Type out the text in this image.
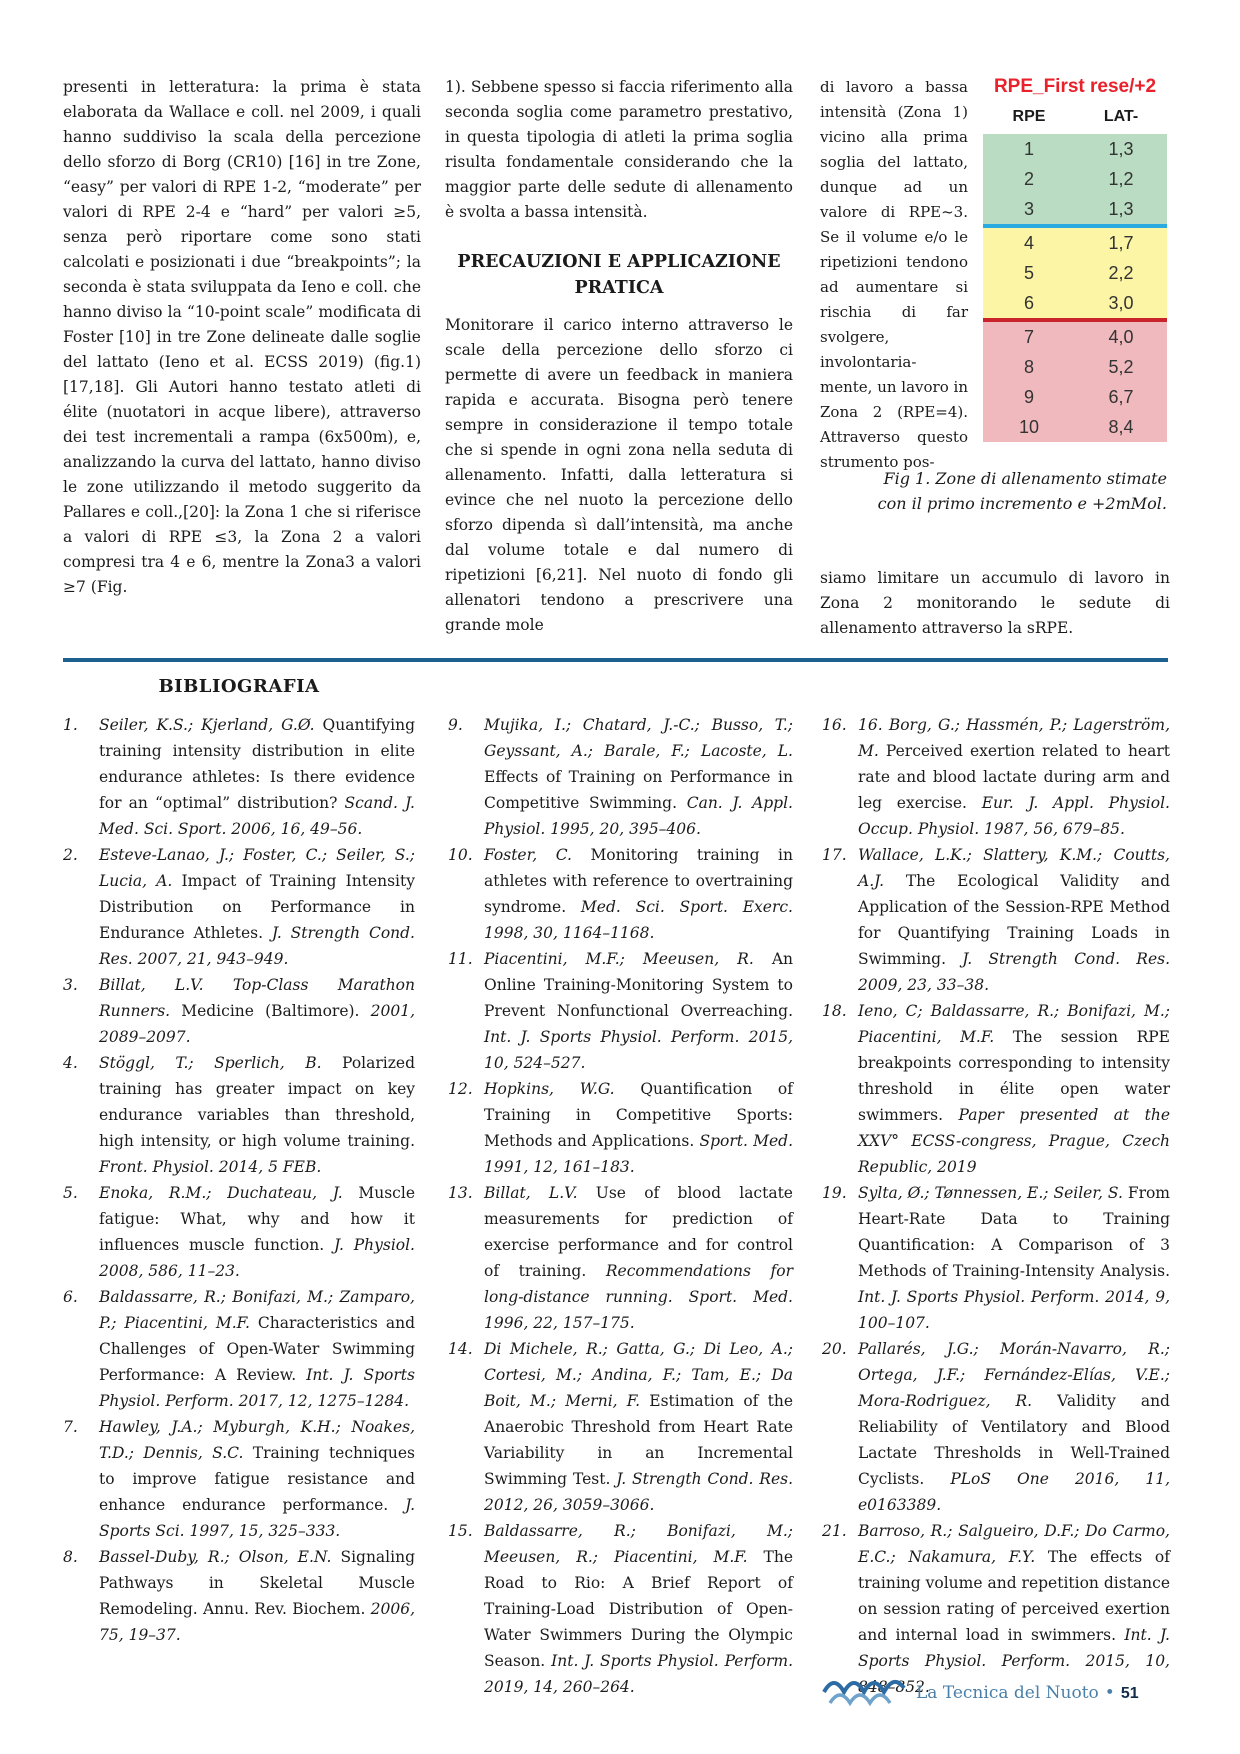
presenti in letteratura: la prima è stata elaborata da Wallace e coll. nel 2009, i quali hanno suddiviso la scala della percezione dello sforzo di Borg (CR10) [16] in tre Zone, “easy” per valori di RPE 1-2, “moderate” per valori di RPE 2-4 e “hard” per valori ≥5, senza però riportare come sono stati calcolati e posizionati i due “breakpoints”; la seconda è stata sviluppata da Ieno e coll. che hanno diviso la “10-point scale” modificata di Foster [10] in tre Zone delineate dalle soglie del lattato (Ieno et al. ECSS 2019) (fig.1) [17,18]. Gli Autori hanno testato atleti di élite (nuotatori in acque libere), attraverso dei test incrementali a rampa (6x500m), e, analizzando la curva del lattato, hanno diviso le zone utilizzando il metodo suggerito da Pallares e coll.,[20]: la Zona 1 che si riferisce a valori di RPE ≤3, la Zona 2 a valori compresi tra 4 e 6, mentre la Zona3 a valori ≥7 (Fig.

1). Sebbene spesso si faccia riferimento alla seconda soglia come parametro prestativo, in questa tipologia di atleti la prima soglia risulta fondamentale considerando che la maggior parte delle sedute di allenamento è svolta a bassa intensità.

PRECAUZIONI E APPLICAZIONE PRATICA

Monitorare il carico interno attraverso le scale della percezione dello sforzo ci permette di avere un feedback in maniera rapida e accurata. Bisogna però tenere sempre in considerazione il tempo totale che si spende in ogni zona nella seduta di allenamento. Infatti, dalla letteratura si evince che nel nuoto la percezione dello sforzo dipenda sì dall’intensità, ma anche dal volume totale e dal numero di ripetizioni [6,21]. Nel nuoto di fondo gli allenatori tendono a prescrivere una grande mole

di lavoro a bassa intensità (Zona 1) vicino alla prima soglia del lattato, dunque ad un valore di RPE~3. Se il volume e/o le ripetizioni tendono ad aumentare si rischia di far svolgere, involontaria-mente, un lavoro in Zona 2 (RPE=4). Attraverso questo strumento pos-

siamo limitare un accumulo di lavoro in Zona 2 monitorando le sedute di allenamento attraverso la sRPE.

RPE_First rese/+2
RPE	LAT-
1	1,3
2	1,2
3	1,3
4	1,7
5	2,2
6	3,0
7	4,0
8	5,2
9	6,7
10	8,4
Fig 1. Zone di allenamento stimate con il primo incremento e +2mMol.
BIBLIOGRAFIA
1. Seiler, K.S.; Kjerland, G.Ø. Quantifying training intensity distribution in elite endurance athletes: Is there evidence for an “optimal” distribution? Scand. J. Med. Sci. Sport. 2006, 16, 49–56.
2. Esteve-Lanao, J.; Foster, C.; Seiler, S.; Lucia, A. Impact of Training Intensity Distribution on Performance in Endurance Athletes. J. Strength Cond. Res. 2007, 21, 943–949.
3. Billat, L.V. Top-Class Marathon Runners. Medicine (Baltimore). 2001, 2089–2097.
4. Stöggl, T.; Sperlich, B. Polarized training has greater impact on key endurance variables than threshold, high intensity, or high volume training. Front. Physiol. 2014, 5 FEB.
5. Enoka, R.M.; Duchateau, J. Muscle fatigue: What, why and how it influences muscle function. J. Physiol. 2008, 586, 11–23.
6. Baldassarre, R.; Bonifazi, M.; Zamparo, P.; Piacentini, M.F. Characteristics and Challenges of Open-Water Swimming Performance: A Review. Int. J. Sports Physiol. Perform. 2017, 12, 1275–1284.
7. Hawley, J.A.; Myburgh, K.H.; Noakes, T.D.; Dennis, S.C. Training techniques to improve fatigue resistance and enhance endurance performance. J. Sports Sci. 1997, 15, 325–333.
8. Bassel-Duby, R.; Olson, E.N. Signaling Pathways in Skeletal Muscle Remodeling. Annu. Rev. Biochem. 2006, 75, 19–37.
9. Mujika, I.; Chatard, J.-C.; Busso, T.; Geyssant, A.; Barale, F.; Lacoste, L. Effects of Training on Performance in Competitive Swimming. Can. J. Appl. Physiol. 1995, 20, 395–406.
10. Foster, C. Monitoring training in athletes with reference to overtraining syndrome. Med. Sci. Sport. Exerc. 1998, 30, 1164–1168.
11. Piacentini, M.F.; Meeusen, R. An Online Training-Monitoring System to Prevent Nonfunctional Overreaching. Int. J. Sports Physiol. Perform. 2015, 10, 524–527.
12. Hopkins, W.G. Quantification of Training in Competitive Sports: Methods and Applications. Sport. Med. 1991, 12, 161–183.
13. Billat, L.V. Use of blood lactate measurements for prediction of exercise performance and for control of training. Recommendations for long-distance running. Sport. Med. 1996, 22, 157–175.
14. Di Michele, R.; Gatta, G.; Di Leo, A.; Cortesi, M.; Andina, F.; Tam, E.; Da Boit, M.; Merni, F. Estimation of the Anaerobic Threshold from Heart Rate Variability in an Incremental Swimming Test. J. Strength Cond. Res. 2012, 26, 3059–3066.
15. Baldassarre, R.; Bonifazi, M.; Meeusen, R.; Piacentini, M.F. The Road to Rio: A Brief Report of Training-Load Distribution of Open-Water Swimmers During the Olympic Season. Int. J. Sports Physiol. Perform. 2019, 14, 260–264.
16. 16. Borg, G.; Hassmén, P.; Lagerström, M. Perceived exertion related to heart rate and blood lactate during arm and leg exercise. Eur. J. Appl. Physiol. Occup. Physiol. 1987, 56, 679–85.
17. Wallace, L.K.; Slattery, K.M.; Coutts, A.J. The Ecological Validity and Application of the Session-RPE Method for Quantifying Training Loads in Swimming. J. Strength Cond. Res. 2009, 23, 33–38.
18. Ieno, C; Baldassarre, R.; Bonifazi, M.; Piacentini, M.F. The session RPE breakpoints corresponding to intensity threshold in élite open water swimmers. Paper presented at the XXV° ECSS-congress, Prague, Czech Republic, 2019
19. Sylta, Ø.; Tønnessen, E.; Seiler, S. From Heart-Rate Data to Training Quantification: A Comparison of 3 Methods of Training-Intensity Analysis. Int. J. Sports Physiol. Perform. 2014, 9, 100–107.
20. Pallarés, J.G.; Morán-Navarro, R.; Ortega, J.F.; Fernández-Elías, V.E.; Mora-Rodriguez, R. Validity and Reliability of Ventilatory and Blood Lactate Thresholds in Well-Trained Cyclists. PLoS One 2016, 11, e0163389.
21. Barroso, R.; Salgueiro, D.F.; Do Carmo, E.C.; Nakamura, F.Y. The effects of training volume and repetition distance on session rating of perceived exertion and internal load in swimmers. Int. J. Sports Physiol. Perform. 2015, 10, 848–852.
La Tecnica del Nuoto • 51
